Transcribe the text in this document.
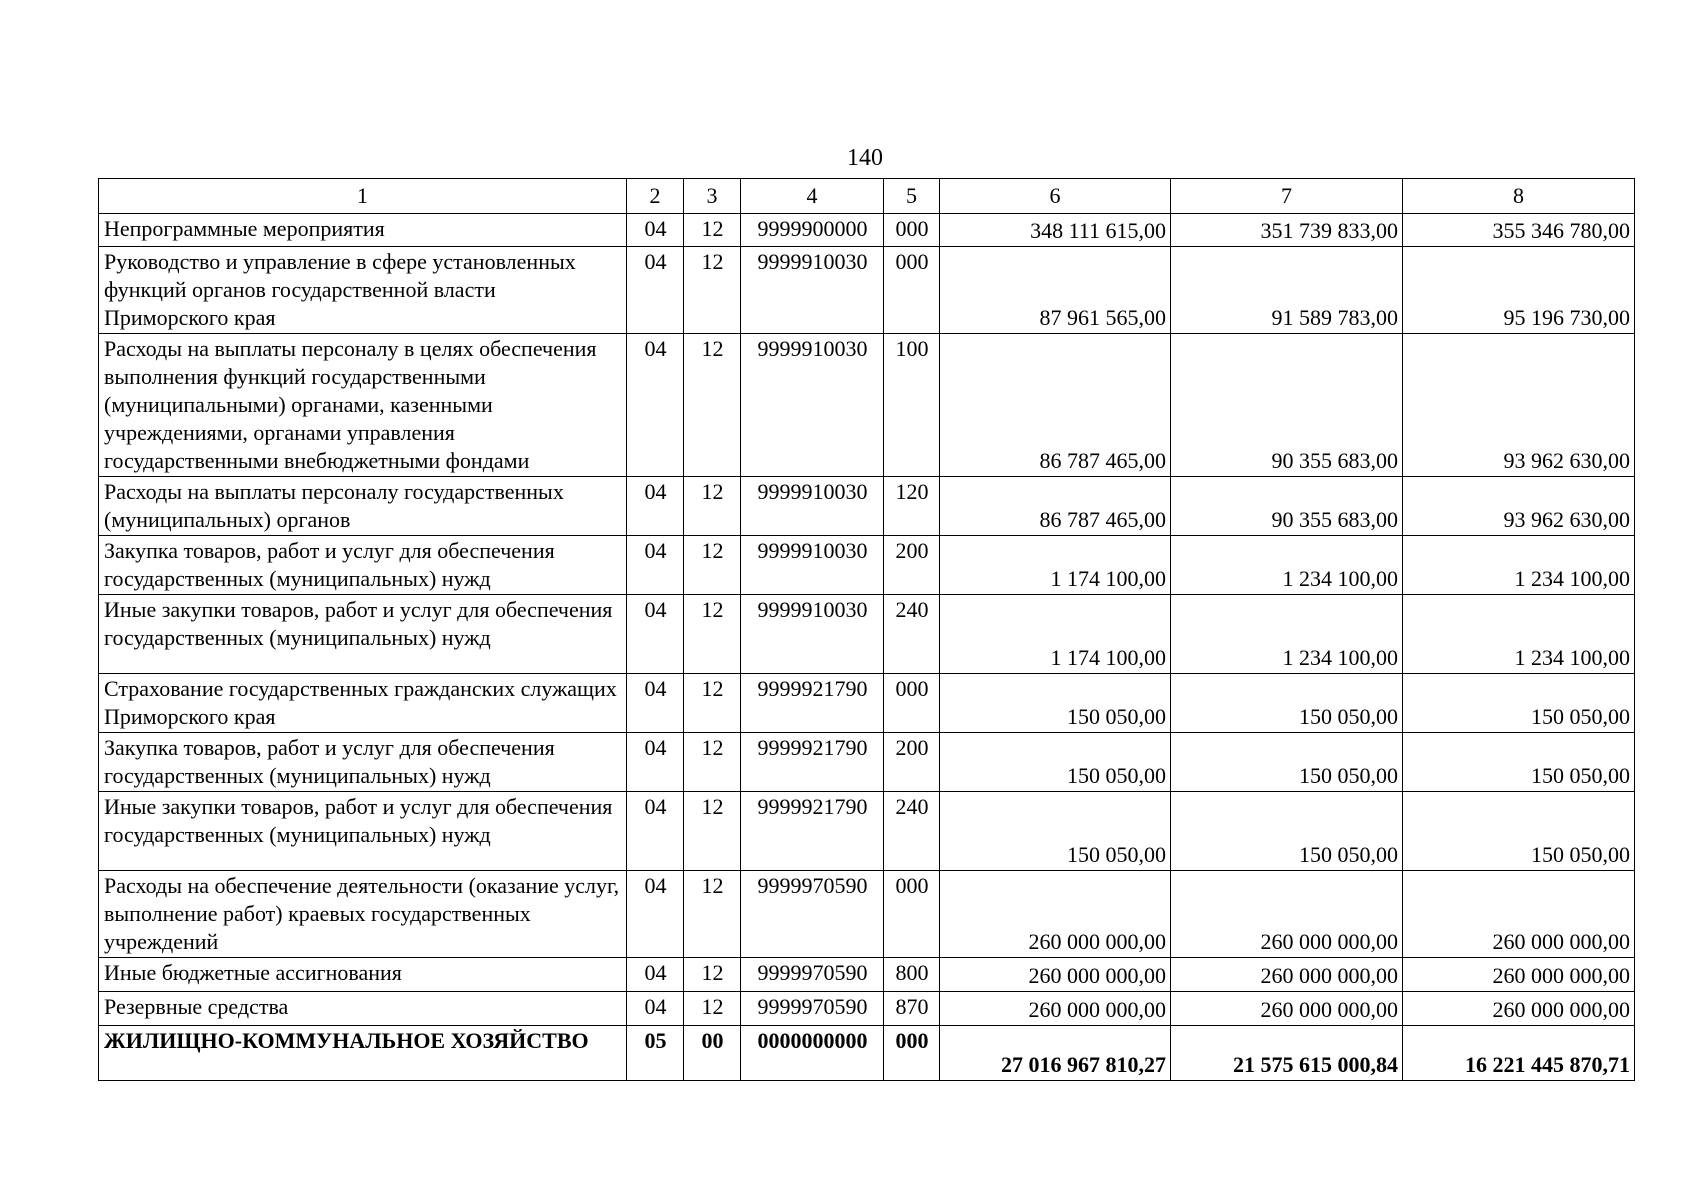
140
1	2	3	4	5	6	7	8
Непрограммные мероприятия	04	12	9999900000	000	348 111 615,00	351 739 833,00	355 346 780,00
Руководство и управление в сфере установленных функций органов государственной власти Приморского края	04	12	9999910030	000	87 961 565,00	91 589 783,00	95 196 730,00
Расходы на выплаты персоналу в целях обеспечения выполнения функций государственными (муниципальными) органами, казенными учреждениями, органами управления государственными внебюджетными фондами	04	12	9999910030	100	86 787 465,00	90 355 683,00	93 962 630,00
Расходы на выплаты персоналу государственных (муниципальных) органов	04	12	9999910030	120	86 787 465,00	90 355 683,00	93 962 630,00
Закупка товаров, работ и услуг для обеспечения государственных (муниципальных) нужд	04	12	9999910030	200	1 174 100,00	1 234 100,00	1 234 100,00
Иные закупки товаров, работ и услуг для обеспечения государственных (муниципальных) нужд	04	12	9999910030	240	1 174 100,00	1 234 100,00	1 234 100,00
Страхование государственных гражданских служащих Приморского края	04	12	9999921790	000	150 050,00	150 050,00	150 050,00
Закупка товаров, работ и услуг для обеспечения государственных (муниципальных) нужд	04	12	9999921790	200	150 050,00	150 050,00	150 050,00
Иные закупки товаров, работ и услуг для обеспечения государственных (муниципальных) нужд	04	12	9999921790	240	150 050,00	150 050,00	150 050,00
Расходы на обеспечение деятельности (оказание услуг, выполнение работ) краевых государственных учреждений	04	12	9999970590	000	260 000 000,00	260 000 000,00	260 000 000,00
Иные бюджетные ассигнования	04	12	9999970590	800	260 000 000,00	260 000 000,00	260 000 000,00
Резервные средства	04	12	9999970590	870	260 000 000,00	260 000 000,00	260 000 000,00
ЖИЛИЩНО-КОММУНАЛЬНОЕ ХОЗЯЙСТВО	05	00	0000000000	000	27 016 967 810,27	21 575 615 000,84	16 221 445 870,71
